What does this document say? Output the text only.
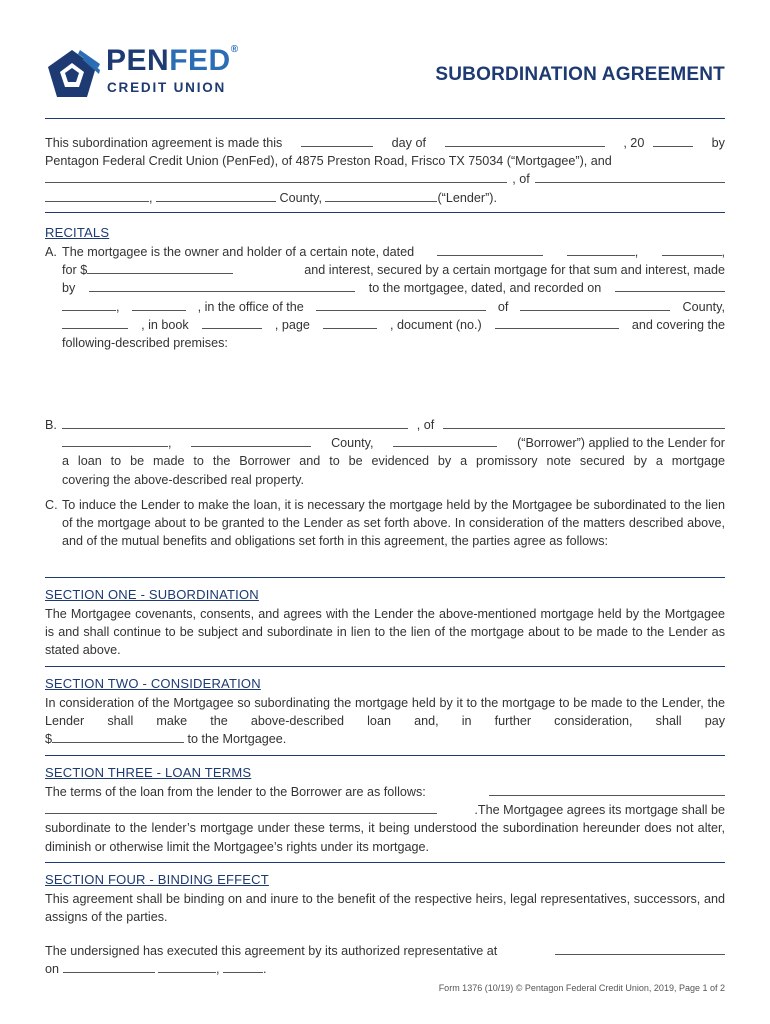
PENFED®
CREDIT UNION
SUBORDINATION AGREEMENT
This subordination agreement is made this	day of	, 20	by
Pentagon Federal Credit Union (PenFed), of 4875 Preston Road, Frisco TX 75034 (“Mortgagee”), and
, of
,	County,	(“Lender”).
RECITALS
A. The mortgagee is the owner and holder of a certain note, dated	,	,
for $	and interest, secured by a certain mortgage for that sum and interest, made
by	to the mortgagee, dated, and recorded on
,	, in the office of the	of	County,
, in book	, page	, document (no.)	and covering the
following-described premises:
B.	, of
,	County,	(“Borrower”) applied to the Lender for
a loan to be made to the Borrower and to be evidenced by a promissory note secured by a mortgage
covering the above-described real property.
C. To induce the Lender to make the loan, it is necessary the mortgage held by the Mortgagee be subordinated to the lien of the mortgage about to be granted to the Lender as set forth above. In consideration of the matters described above, and of the mutual benefits and obligations set forth in this agreement, the parties agree as follows:
SECTION ONE - SUBORDINATION
The Mortgagee covenants, consents, and agrees with the Lender the above-mentioned mortgage held by the Mortgagee is and shall continue to be subject and subordinate in lien to the lien of the mortgage about to be made to the Lender as stated above.
SECTION TWO - CONSIDERATION
In consideration of the Mortgagee so subordinating the mortgage held by it to the mortgage to be made to the Lender, the Lender shall make the above-described loan and, in further consideration, shall pay
$	to the Mortgagee.
SECTION THREE - LOAN TERMS
The terms of the loan from the lender to the Borrower are as follows:
.The Mortgagee agrees its mortgage shall be
subordinate to the lender’s mortgage under these terms, it being understood the subordination hereunder does not alter, diminish or otherwise limit the Mortgagee’s rights under its mortgage.
SECTION FOUR - BINDING EFFECT
This agreement shall be binding on and inure to the benefit of the respective heirs, legal representatives, successors, and assigns of the parties.
The undersigned has executed this agreement by its authorized representative at
on	,	.
Form 1376 (10/19) © Pentagon Federal Credit Union, 2019, Page 1 of 2
